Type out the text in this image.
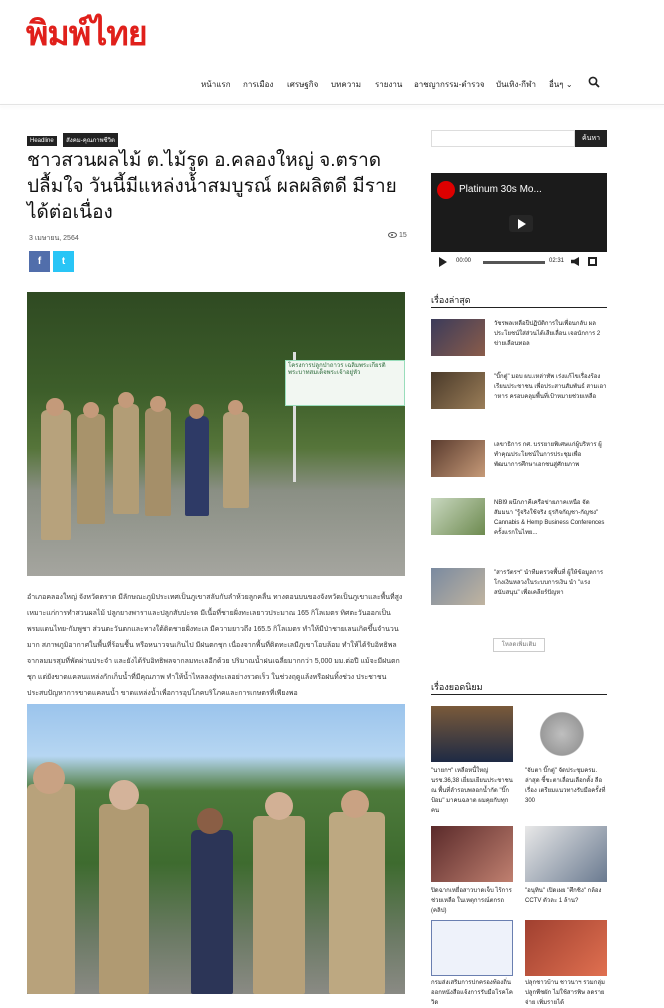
พิมพ์ไทย
หน้าแรก การเมือง เศรษฐกิจ บทความ รายงาน อาชญากรรม-ตำรวจ บันเทิง-กีฬา อื่นๆ ⌄
Headline สังคม-คุณภาพชีวิต
ชาวสวนผลไม้ ต.ไม้รูด อ.คลองใหญ่ จ.ตราด ปลื้มใจ วันนี้มีแหล่งน้ำสมบูรณ์ ผลผลิตดี มีรายได้ต่อเนื่อง
3 เมษายน, 2564	15
f	t
โครงการปลูกป่าถาวร เฉลิมพระเกียรติ พระบาทสมเด็จพระเจ้าอยู่หัว

อำเภอคลองใหญ่ จังหวัดตราด มีลักษณะภูมิประเทศเป็นภูเขาสลับกับลำห้วยลูกคลื่น ทางตอนบนของจังหวัดเป็นภูเขาและพื้นที่สูงเหมาะแก่การทำสวนผลไม้ ปลูกยางพาราและปลูกสับปะรด มีเนื้อที่ชายฝั่งทะเลยาวประมาณ 165 กิโลเมตร ทิศตะวันออกเป็นพรมแดนไทย-กัมพูชา ส่วนตะวันตกและทางใต้ติดชายฝั่งทะเล มีความยาวถึง 165.5 กิโลเมตร ทำให้มีป่าชายเลนเกิดขึ้นจำนวนมาก สภาพภูมิอากาศในพื้นที่ร้อนชื้น หรือหนาวจนเกินไป มีฝนตกชุก เนื่องจากพื้นที่ติดทะเลมีภูเขาโอบล้อม ทำให้ได้รับอิทธิพลจากลมมรสุมที่พัดผ่านประจำ และยังได้รับอิทธิพลจากลมทะเลอีกด้วย ปริมาณน้ำฝนเฉลี่ยมากกว่า 5,000 มม.ต่อปี แม้จะมีฝนตกชุก แต่ยังขาดแคลนแหล่งกักเก็บน้ำที่มีคุณภาพ ทำให้น้ำไหลลงสู่ทะเลอย่างรวดเร็ว ในช่วงฤดูแล้งหรือฝนทิ้งช่วง ประชาชนประสบปัญหาการขาดแคลนน้ำ ขาดแหล่งน้ำเพื่อการอุปโภคบริโภคและการเกษตรที่เพียงพอ

ค้นหา
Platinum 30s Mo...
00:00	02:31
เรื่องล่าสุด
วัชรพลเหลือปีปฏิบัติการในเพื่อนกลับ ผลประโยชน์ใส่ส่วนได้เสียเลื่อน เจอนักการ 2 ข่ายเลือนทอล
"บิ๊กตู่" มอบ ผบ.เหล่าทัพ เร่งแก้ไขเรื่องร้องเรียนประชาชน เพื่อประสานสัมพันธ์ สามเอาาหาร ครอบคลุมพื้นที่เป้าหมายช่วยเหลือ
เลขาธิการ กศ. บรรยายพิเศษแก่ผู้บริหาร ผู้ทำคุณประโยชน์ในการประชุมเพื่อพัฒนาการศึกษาเอกชนสู่ศักยภาพ
NBI9 ผนึกภาคีเครือข่ายภาคเหนือ จัดสัมมนา "รู้จริงใช้จริง ธุรกิจกัญชา-กัญชง" Cannabis & Hemp Business Conferences ครั้งแรกในไทย...
"สารวัตรฯ" นำทีมตรวจพื้นที่ ผู้ให้ข้อมูลการโกงเงินหลวงในระบบการเงิน นำ "แรงสนับสนุน" เพื่อเคลียร์ปัญหา
โหลดเพิ่มเติม
เรื่องยอดนิยม
"นายกฯ" เหลือหนี้ใหญ่ นรช.36,38 เยี่ยมเยียนประชาชน ณ พื้นที่ลำรอบพลอกน้ำกัด "บิ๊กป้อม" มาคนฉลาด ผมคุยกับทุกคน
"จับตา บิ๊กตู่" จัดประชุมครม. ล่าสุด ชี้ชะตาเลื่อนเลือกตั้ง ลือเรื่อง เตรียมแนวทางรับมือครั้งที่ 300
ปิดฉากเหยื่อสาวบาดเจ็บ ไร้การช่วยเหลือ ในเหตุการณ์ตกรถ (คลิป)
"อนุทิน" เปิดเผย "ศึกชิง" กล้อง CCTV ตัวละ 1 ล้าน?
กรมส่งเสริมการปกครองท้องถิ่น ออกหนังสือแจ้งการรับมือโรคโควิด
ปลุกชาวบ้าน ชาวนาฯ รวมกลุ่มปลูกพืชผัก ไม่ใช้สารพิษ ลดรายจ่าย เพิ่มรายได้
